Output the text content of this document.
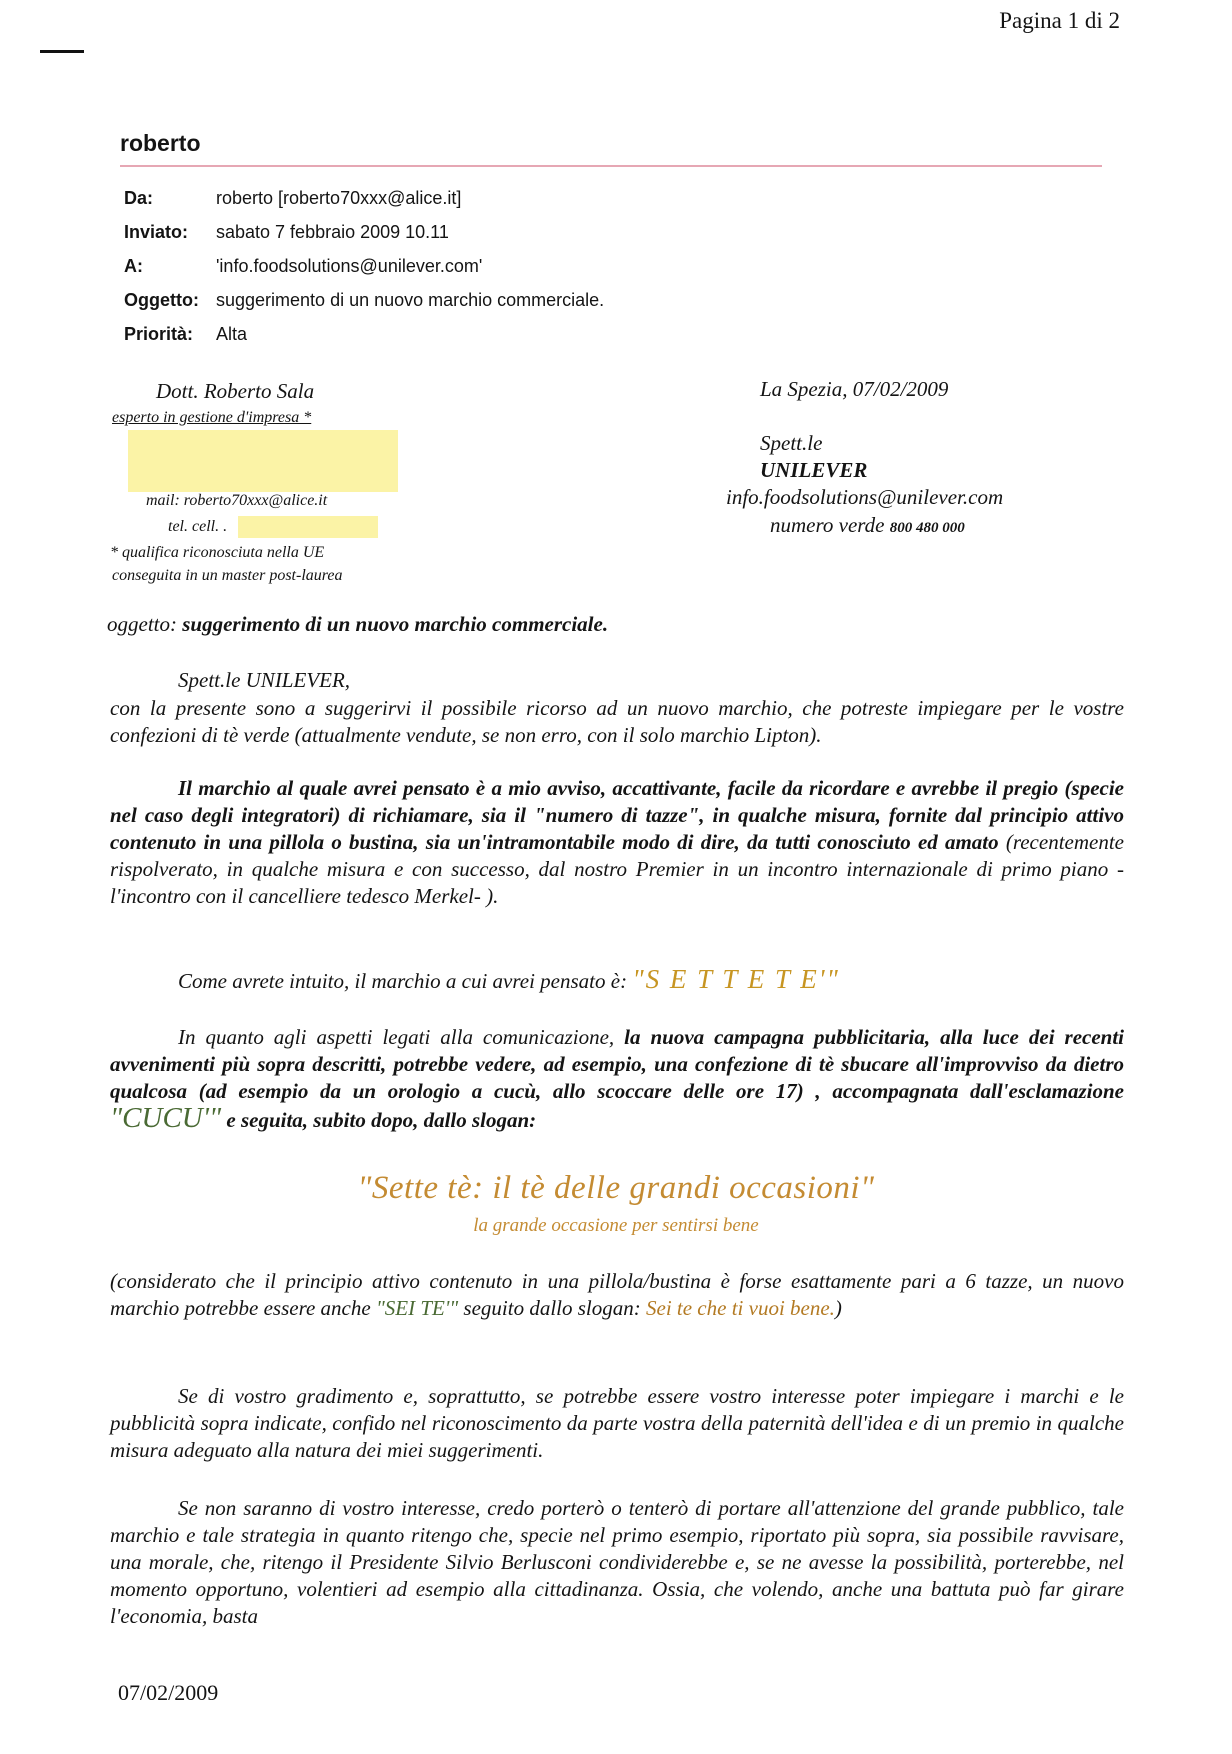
Pagina 1 di 2
roberto
Da:	roberto [roberto70xxx@alice.it]
Inviato: sabato 7 febbraio 2009 10.11
A:	'info.foodsolutions@unilever.com'
Oggetto: suggerimento di un nuovo marchio commerciale.
Priorità: Alta
Dott. Roberto Sala
esperto in gestione d'impresa *
mail: roberto70xxx@alice.it
tel. cell. .
* qualifica riconosciuta nella UE
conseguita in un master post-laurea
La Spezia, 07/02/2009
Spett.le
UNILEVER
info.foodsolutions@unilever.com
numero verde 800 480 000
oggetto: suggerimento di un nuovo marchio commerciale.
Spett.le UNILEVER,
con la presente sono a suggerirvi il possibile ricorso ad un nuovo marchio, che potreste impiegare per le vostre confezioni di tè verde (attualmente vendute, se non erro, con il solo marchio Lipton).
Il marchio al quale avrei pensato è a mio avviso, accattivante, facile da ricordare e avrebbe il pregio (specie nel caso degli integratori) di richiamare, sia il "numero di tazze", in qualche misura, fornite dal principio attivo contenuto in una pillola o bustina, sia un'intramontabile modo di dire, da tutti conosciuto ed amato (recentemente rispolverato, in qualche misura e con successo, dal nostro Premier in un incontro internazionale di primo piano - l'incontro con il cancelliere tedesco Merkel- ).
Come avrete intuito, il marchio a cui avrei pensato è: "S E T T E T E'"
In quanto agli aspetti legati alla comunicazione, la nuova campagna pubblicitaria, alla luce dei recenti avvenimenti più sopra descritti, potrebbe vedere, ad esempio, una confezione di tè sbucare all'improvviso da dietro qualcosa (ad esempio da un orologio a cucù, allo scoccare delle ore 17) , accompagnata dall'esclamazione "CUCU'" e seguita, subito dopo, dallo slogan:
"Sette tè: il tè delle grandi occasioni"
la grande occasione per sentirsi bene
(considerato che il principio attivo contenuto in una pillola/bustina è forse esattamente pari a 6 tazze, un nuovo marchio potrebbe essere anche "SEI TE'" seguito dallo slogan: Sei te che ti vuoi bene.)
Se di vostro gradimento e, soprattutto, se potrebbe essere vostro interesse poter impiegare i marchi e le pubblicità sopra indicate, confido nel riconoscimento da parte vostra della paternità dell'idea e di un premio in qualche misura adeguato alla natura dei miei suggerimenti.
Se non saranno di vostro interesse, credo porterò o tenterò di portare all'attenzione del grande pubblico, tale marchio e tale strategia in quanto ritengo che, specie nel primo esempio, riportato più sopra, sia possibile ravvisare, una morale, che, ritengo il Presidente Silvio Berlusconi condividerebbe e, se ne avesse la possibilità, porterebbe, nel momento opportuno, volentieri ad esempio alla cittadinanza. Ossia, che volendo, anche una battuta può far girare l'economia, basta
07/02/2009
